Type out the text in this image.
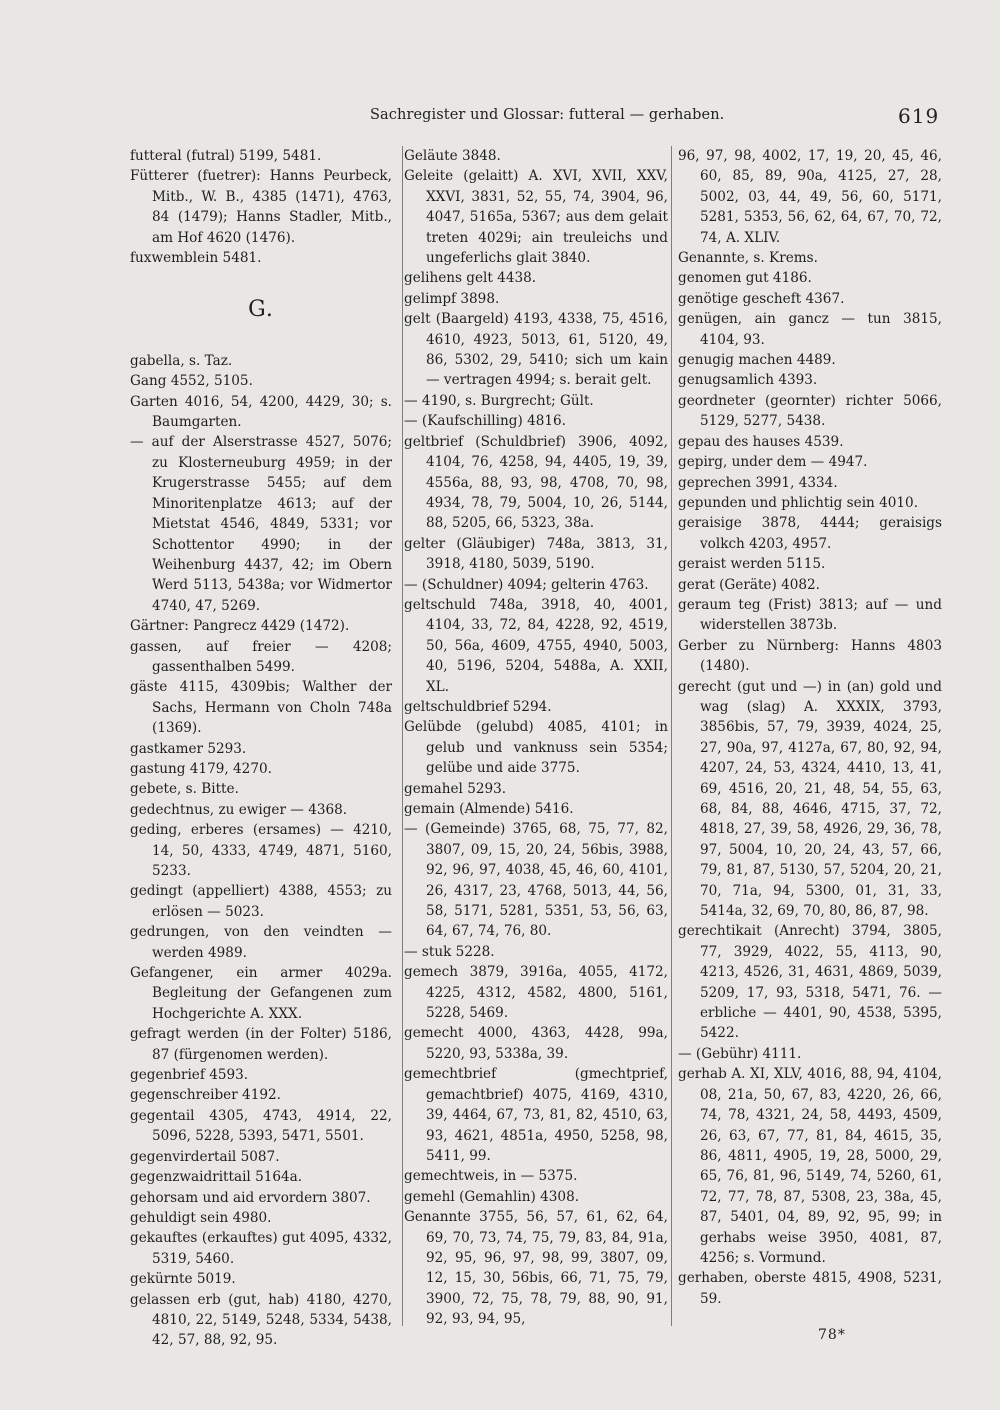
Sachregister und Glossar: futteral — gerhaben.	619
futteral (futral) 5199, 5481.
Fütterer (fuetrer): Hanns Peurbeck, Mitb., W. B., 4385 (1471), 4763, 84 (1479); Hanns Stadler, Mitb., am Hof 4620 (1476).
fuxwemblein 5481.
G.
gabella, s. Taz.
Gang 4552, 5105.
Garten 4016, 54, 4200, 4429, 30; s. Baumgarten.
— auf der Alserstrasse 4527, 5076; zu Klosterneuburg 4959; in der Krugerstrasse 5455; auf dem Minoritenplatze 4613; auf der Mietstat 4546, 4849, 5331; vor Schottentor 4990; in der Weihenburg 4437, 42; im Obern Werd 5113, 5438a; vor Widmertor 4740, 47, 5269.
Gärtner: Pangrecz 4429 (1472).
gassen, auf freier — 4208; gassenthalben 5499.
gäste 4115, 4309bis; Walther der Sachs, Hermann von Choln 748a (1369).
gastkamer 5293.
gastung 4179, 4270.
gebete, s. Bitte.
gedechtnus, zu ewiger — 4368.
geding, erberes (ersames) — 4210, 14, 50, 4333, 4749, 4871, 5160, 5233.
gedingt (appelliert) 4388, 4553; zu erlösen — 5023.
gedrungen, von den veindten — werden 4989.
Gefangener, ein armer 4029a. Begleitung der Gefangenen zum Hochgerichte A. XXX.
gefragt werden (in der Folter) 5186, 87 (fürgenomen werden).
gegenbrief 4593.
gegenschreiber 4192.
gegentail 4305, 4743, 4914, 22, 5096, 5228, 5393, 5471, 5501.
gegenvirdertail 5087.
gegenzwaidrittail 5164a.
gehorsam und aid ervordern 3807.
gehuldigt sein 4980.
gekauftes (erkauftes) gut 4095, 4332, 5319, 5460.
gekürnte 5019.
gelassen erb (gut, hab) 4180, 4270, 4810, 22, 5149, 5248, 5334, 5438, 42, 57, 88, 92, 95.
Geläute 3848.
Geleite (gelaitt) A. XVI, XVII, XXV, XXVI, 3831, 52, 55, 74, 3904, 96, 4047, 5165a, 5367; aus dem gelait treten 4029i; ain treuleichs und ungeferlichs glait 3840.
gelihens gelt 4438.
gelimpf 3898.
gelt (Baargeld) 4193, 4338, 75, 4516, 4610, 4923, 5013, 61, 5120, 49, 86, 5302, 29, 5410; sich um kain — vertragen 4994; s. berait gelt.
— 4190, s. Burgrecht; Gült.
— (Kaufschilling) 4816.
geltbrief (Schuldbrief) 3906, 4092, 4104, 76, 4258, 94, 4405, 19, 39, 4556a, 88, 93, 98, 4708, 70, 98, 4934, 78, 79, 5004, 10, 26, 5144, 88, 5205, 66, 5323, 38a.
gelter (Gläubiger) 748a, 3813, 31, 3918, 4180, 5039, 5190.
— (Schuldner) 4094; gelterin 4763.
geltschuld 748a, 3918, 40, 4001, 4104, 33, 72, 84, 4228, 92, 4519, 50, 56a, 4609, 4755, 4940, 5003, 40, 5196, 5204, 5488a, A. XXII, XL.
geltschuldbrief 5294.
Gelübde (gelubd) 4085, 4101; in gelub und vanknuss sein 5354; gelübe und aide 3775.
gemahel 5293.
gemain (Almende) 5416.
— (Gemeinde) 3765, 68, 75, 77, 82, 3807, 09, 15, 20, 24, 56bis, 3988, 92, 96, 97, 4038, 45, 46, 60, 4101, 26, 4317, 23, 4768, 5013, 44, 56, 58, 5171, 5281, 5351, 53, 56, 63, 64, 67, 74, 76, 80.
— stuk 5228.
gemech 3879, 3916a, 4055, 4172, 4225, 4312, 4582, 4800, 5161, 5228, 5469.
gemecht 4000, 4363, 4428, 99a, 5220, 93, 5338a, 39.
gemechtbrief (gmechtprief, gemachtbrief) 4075, 4169, 4310, 39, 4464, 67, 73, 81, 82, 4510, 63, 93, 4621, 4851a, 4950, 5258, 98, 5411, 99.
gemechtweis, in — 5375.
gemehl (Gemahlin) 4308.
Genannte 3755, 56, 57, 61, 62, 64, 69, 70, 73, 74, 75, 79, 83, 84, 91a, 92, 95, 96, 97, 98, 99, 3807, 09, 12, 15, 30, 56bis, 66, 71, 75, 79, 3900, 72, 75, 78, 79, 88, 90, 91, 92, 93, 94, 95,
96, 97, 98, 4002, 17, 19, 20, 45, 46, 60, 85, 89, 90a, 4125, 27, 28, 5002, 03, 44, 49, 56, 60, 5171, 5281, 5353, 56, 62, 64, 67, 70, 72, 74, A. XLIV.
Genannte, s. Krems.
genomen gut 4186.
genötige gescheft 4367.
genügen, ain gancz — tun 3815, 4104, 93.
genugig machen 4489.
genugsamlich 4393.
geordneter (geornter) richter 5066, 5129, 5277, 5438.
gepau des hauses 4539.
gepirg, under dem — 4947.
geprechen 3991, 4334.
gepunden und phlichtig sein 4010.
geraisige 3878, 4444; geraisigs volkch 4203, 4957.
geraist werden 5115.
gerat (Geräte) 4082.
geraum teg (Frist) 3813; auf — und widerstellen 3873b.
Gerber zu Nürnberg: Hanns 4803 (1480).
gerecht (gut und —) in (an) gold und wag (slag) A. XXXIX, 3793, 3856bis, 57, 79, 3939, 4024, 25, 27, 90a, 97, 4127a, 67, 80, 92, 94, 4207, 24, 53, 4324, 4410, 13, 41, 69, 4516, 20, 21, 48, 54, 55, 63, 68, 84, 88, 4646, 4715, 37, 72, 4818, 27, 39, 58, 4926, 29, 36, 78, 97, 5004, 10, 20, 24, 43, 57, 66, 79, 81, 87, 5130, 57, 5204, 20, 21, 70, 71a, 94, 5300, 01, 31, 33, 5414a, 32, 69, 70, 80, 86, 87, 98.
gerechtikait (Anrecht) 3794, 3805, 77, 3929, 4022, 55, 4113, 90, 4213, 4526, 31, 4631, 4869, 5039, 5209, 17, 93, 5318, 5471, 76. — erbliche — 4401, 90, 4538, 5395, 5422.
— (Gebühr) 4111.
gerhab A. XI, XLV, 4016, 88, 94, 4104, 08, 21a, 50, 67, 83, 4220, 26, 66, 74, 78, 4321, 24, 58, 4493, 4509, 26, 63, 67, 77, 81, 84, 4615, 35, 86, 4811, 4905, 19, 28, 5000, 29, 65, 76, 81, 96, 5149, 74, 5260, 61, 72, 77, 78, 87, 5308, 23, 38a, 45, 87, 5401, 04, 89, 92, 95, 99; in gerhabs weise 3950, 4081, 87, 4256; s. Vormund.
gerhaben, oberste 4815, 4908, 5231, 59.
78*
